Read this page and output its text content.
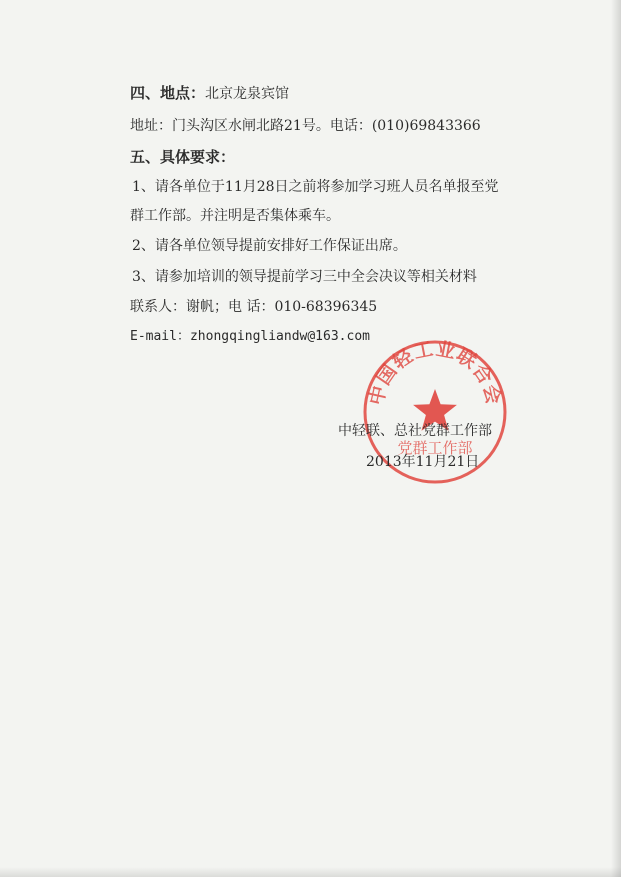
四、地点：北京龙泉宾馆
地址：门头沟区水闸北路21号。电话：(010)69843366
五、具体要求：
1、请各单位于11月28日之前将参加学习班人员名单报至党
群工作部。并注明是否集体乘车。
2、请各单位领导提前安排好工作保证出席。
3、请参加培训的领导提前学习三中全会决议等相关材料
联系人：谢帆；电 话：010-68396345
E-mail：zhongqingliandw@163.com
中国轻工业联合会
党群工作部
中轻联、总社党群工作部
2013年11月21日
